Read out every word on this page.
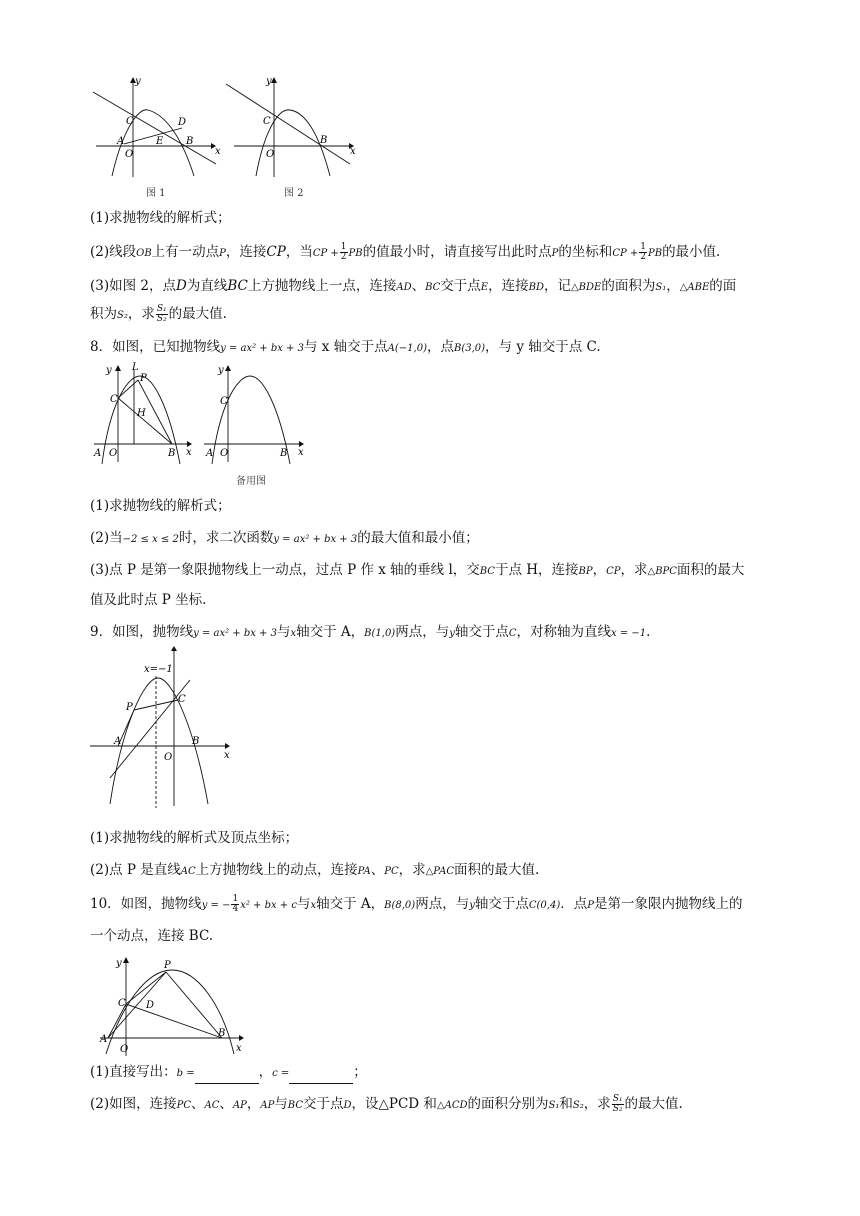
y
x
C	D
A	E B
O
图 1
y
x
C
B
O
图 2
(1)求抛物线的解析式；
(2)线段OB上有一动点P，连接CP，当CP + $\frac{1}{2}$ PB的值最小时，请直接写出此时点P的坐标和CP + $\frac{1}{2}$ PB的最小值.
(3)如图 2，点D为直线BC上方抛物线上一点，连接AD、BC交于点E，连接BD，记△BDE的面积为S₁，△ABE的面
积为S₂，求 $\frac{\text{S₁}}{\text{S₂}}$ 的最大值.
8．如图，已知抛物线y = ax² + bx + 3与 x 轴交于点A(−1,0)，点B(3,0)，与 y 轴交于点 C.
y L
P
C
H
A O	B x
y
C
A O	B x
备用图
(1)求抛物线的解析式；
(2)当−2 ≤ x ≤ 2时，求二次函数y = ax² + bx + 3的最大值和最小值；
(3)点 P 是第一象限抛物线上一动点，过点 P 作 x 轴的垂线 l，交BC于点 H，连接BP，CP，求△BPC面积的最大
值及此时点 P 坐标.
9．如图，抛物线y = ax² + bx + 3与x轴交于 A，B(1,0)两点，与y轴交于点C，对称轴为直线x = −1.
x=−1
P
C
A
O
B
x
(1)求抛物线的解析式及顶点坐标；
(2)点 P 是直线AC上方抛物线上的动点，连接PA、PC，求△PAC面积的最大值.
10．如图，抛物线y = − $\frac{1}{4} x^2$ + bx + c与x轴交于 A，B(8,0)两点，与y轴交于点C(0,4)．点P是第一象限内抛物线上的
一个动点，连接 BC.
y	P
C D
A
O
B
x
(1)直接写出：b =	，c =	；
(2)如图，连接PC、AC、AP，AP与BC交于点D，设△PCD 和△ACD的面积分别为S₁和S₂，求 $\frac{\text{S₁}}{\text{S₂}}$ 的最大值.
